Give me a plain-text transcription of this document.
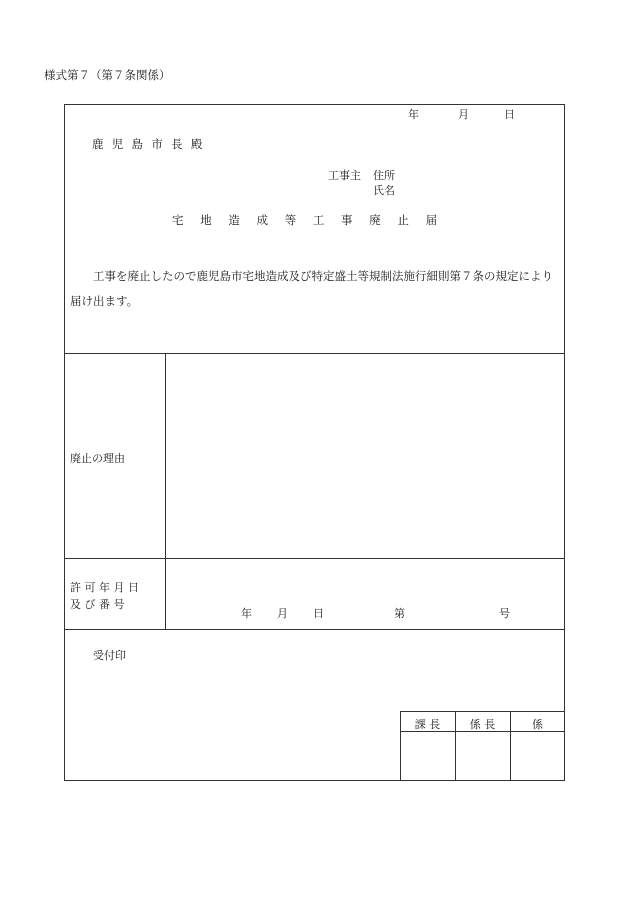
様式第７（第７条関係）
年	月	日
鹿児島市長殿
工事主 住所
氏名
宅地造成等工事廃止届
工事を廃止したので鹿児島市宅地造成及び特定盛土等規制法施行細則第７条の規定により届け出ます。
廃止の理由
許 可 年 月 日
及 び 番 号
年 月 日	第	号
受付印
課 長	係 長	係
